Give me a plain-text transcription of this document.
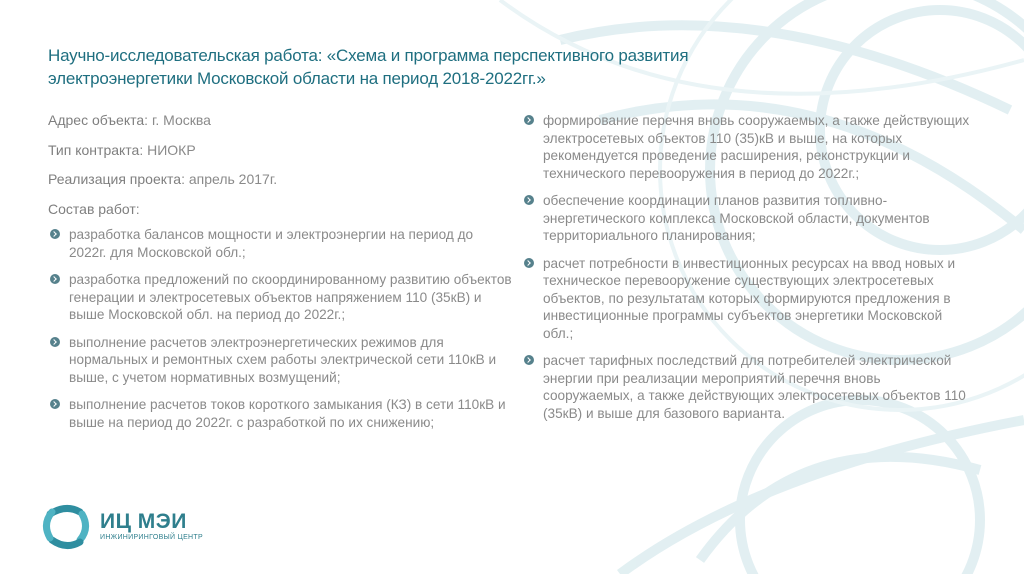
Научно-исследовательская работа: «Схема и программа перспективного развития
электроэнергетики Московской области на период 2018-2022гг.»
Адрес объекта: г. Москва
Тип контракта: НИОКР
Реализация проекта: апрель 2017г.
Состав работ:
разработка балансов мощности и электроэнергии на период до 2022г. для Московской обл.;
разработка предложений по скоординированному развитию объектов генерации и электросетевых объектов напряжением 110 (35кВ) и выше Московской обл. на период до 2022г.;
выполнение расчетов электроэнергетических режимов для нормальных и ремонтных схем работы электрической сети 110кВ и выше, с учетом нормативных возмущений;
выполнение расчетов токов короткого замыкания (КЗ) в сети 110кВ и выше на период до 2022г. с разработкой по их снижению;
формирование перечня вновь сооружаемых, а также действующих электросетевых объектов 110 (35)кВ и выше, на которых рекомендуется проведение расширения, реконструкции и технического перевооружения в период до 2022г.;
обеспечение координации планов развития топливно-энергетического комплекса Московской области, документов территориального планирования;
расчет потребности в инвестиционных ресурсах на ввод новых и техническое перевооружение существующих электросетевых объектов, по результатам которых формируются предложения в инвестиционные программы субъектов энергетики Московской обл.;
расчет тарифных последствий для потребителей электрической энергии при реализации мероприятий перечня вновь сооружаемых, а также действующих электросетевых объектов 110 (35кВ) и выше для базового варианта.
ИЦ МЭИ
ИНЖИНИРИНГОВЫЙ ЦЕНТР
